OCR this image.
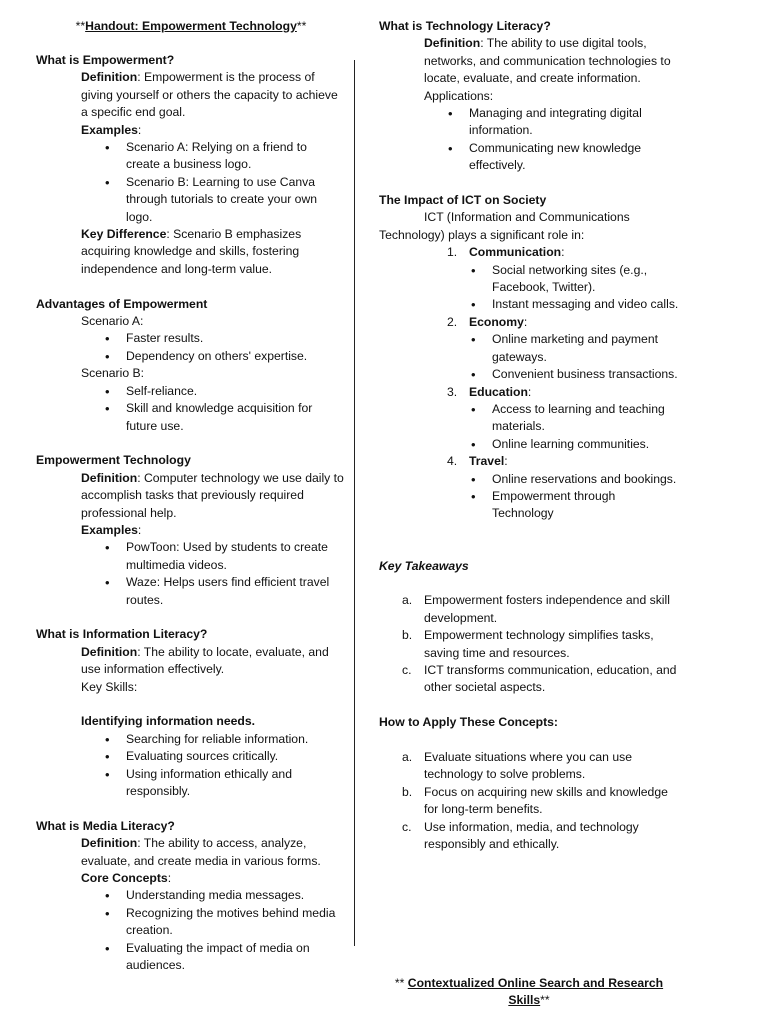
**Handout: Empowerment Technology**

What is Empowerment?

Definition: Empowerment is the process of giving yourself or others the capacity to achieve a specific end goal.

Examples:

• Scenario A: Relying on a friend to create a business logo.
• Scenario B: Learning to use Canva through tutorials to create your own logo.

Key Difference: Scenario B emphasizes acquiring knowledge and skills, fostering independence and long-term value.

Advantages of Empowerment

Scenario A:

• Faster results.
• Dependency on others' expertise.

Scenario B:

• Self-reliance.
• Skill and knowledge acquisition for future use.

Empowerment Technology

Definition: Computer technology we use daily to accomplish tasks that previously required professional help.

Examples:

• PowToon: Used by students to create multimedia videos.
• Waze: Helps users find efficient travel routes.

What is Information Literacy?

Definition: The ability to locate, evaluate, and use information effectively.

Key Skills:

Identifying information needs.

• Searching for reliable information.
• Evaluating sources critically.
• Using information ethically and responsibly.

What is Media Literacy?

Definition: The ability to access, analyze, evaluate, and create media in various forms.

Core Concepts:

• Understanding media messages.
• Recognizing the motives behind media creation.
• Evaluating the impact of media on audiences.

What is Technology Literacy?

Definition: The ability to use digital tools, networks, and communication technologies to locate, evaluate, and create information.

Applications:

• Managing and integrating digital information.
• Communicating new knowledge effectively.

The Impact of ICT on Society

ICT (Information and Communications Technology) plays a significant role in:

1. Communication:
• Social networking sites (e.g., Facebook, Twitter).
• Instant messaging and video calls.
2. Economy:
• Online marketing and payment gateways.
• Convenient business transactions.
3. Education:
• Access to learning and teaching materials.
• Online learning communities.
4. Travel:
• Online reservations and bookings.
• Empowerment through Technology

Key Takeaways

a. Empowerment fosters independence and skill development.
b. Empowerment technology simplifies tasks, saving time and resources.
c. ICT transforms communication, education, and other societal aspects.

How to Apply These Concepts:

a. Evaluate situations where you can use technology to solve problems.
b. Focus on acquiring new skills and knowledge for long-term benefits.
c. Use information, media, and technology responsibly and ethically.
** Contextualized Online Search and Research
Skills**
